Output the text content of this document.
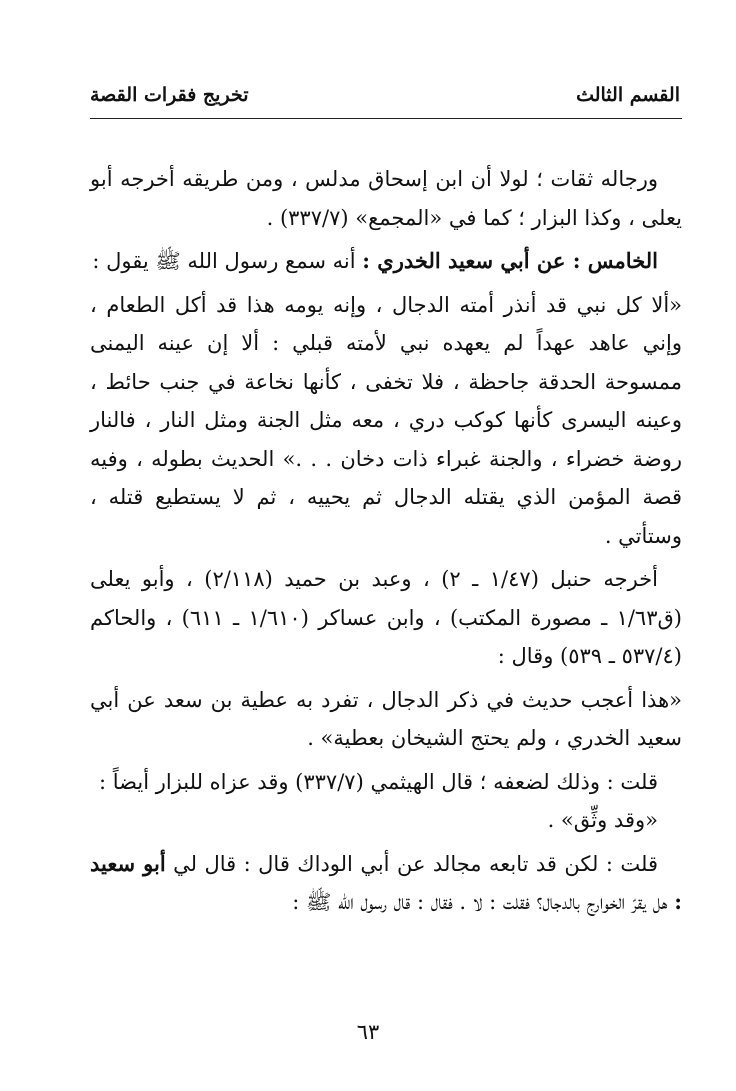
القسم الثالث
تخريج فقرات القصة

ورجاله ثقات ؛ لولا أن ابن إسحاق مدلس ، ومن طريقه أخرجه أبو يعلى ، وكذا البزار ؛ كما في «المجمع» (٣٣٧/٧) .

الخامس : عن أبي سعيد الخدري : أنه سمع رسول الله ﷺ يقول :

«ألا كل نبي قد أنذر أمته الدجال ، وإنه يومه هذا قد أكل الطعام ، وإني عاهد عهداً لم يعهده نبي لأمته قبلي : ألا إن عينه اليمنى ممسوحة الحدقة جاحظة ، فلا تخفى ، كأنها نخاعة في جنب حائط ، وعينه اليسرى كأنها كوكب دري ، معه مثل الجنة ومثل النار ، فالنار روضة خضراء ، والجنة غبراء ذات دخان . . .» الحديث بطوله ، وفيه قصة المؤمن الذي يقتله الدجال ثم يحييه ، ثم لا يستطيع قتله ، وستأتي .

أخرجه حنبل (١/٤٧ ـ ٢) ، وعبد بن حميد (٢/١١٨) ، وأبو يعلى (ق١/٦٣ ـ مصورة المكتب) ، وابن عساكر (١/٦١٠ ـ ٦١١) ، والحاكم (٥٣٧/٤ ـ ٥٣٩) وقال :

«هذا أعجب حديث في ذكر الدجال ، تفرد به عطية بن سعد عن أبي سعيد الخدري ، ولم يحتج الشيخان بعطية» .

قلت : وذلك لضعفه ؛ قال الهيثمي (٣٣٧/٧) وقد عزاه للبزار أيضاً :

«وقد وثِّق» .

قلت : لكن قد تابعه مجالد عن أبي الوداك قال : قال لي أبو سعيد : هل يقرّ الخوارج بالدجال؟ فقلت : لا . فقال : قال رسول الله ﷺ :

٦٣
